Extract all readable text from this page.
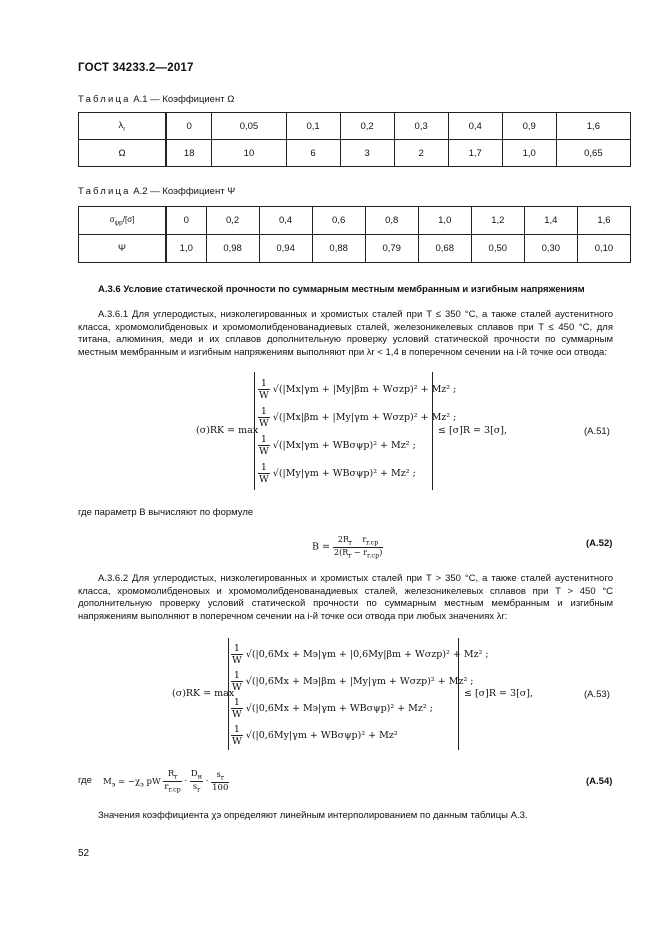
ГОСТ 34233.2—2017
Таблица А.1 — Коэффициент Ω
$\lambda_r$	0	0,05	0,1	0,2	0,3	0,4	0,9	1,6
Ω	18	10	6	3	2	1,7	1,0	0,65
Таблица А.2 — Коэффициент Ψ
$\sigma_{\psi p}/[\sigma]$	0	0,2	0,4	0,6	0,8	1,0	1,2	1,4	1,6
Ψ	1,0	0,98	0,94	0,88	0,79	0,68	0,50	0,30	0,10
А.3.6 Условие статической прочности по суммарным местным мембранным и изгибным напряжениям
А.3.6.1 Для углеродистых, низколегированных и хромистых сталей при T ≤ 350 °С, а также сталей аустенитного класса, хромомолибденовых и хромомолибденованадиевых сталей, железоникелевых сплавов при T ≤ 450 °С, для титана, алюминия, меди и их сплавов дополнительную проверку условий статической прочности по суммарным местным мембранным и изгибным напряжениям выполняют при λr < 1,4 в поперечном сечении на i-й точке оси отвода:
(σ)RK = max
$\frac{1}{W} √(|Mx|\gamma m + |My|\beta m + W\sigma zp)^2 + Mz^2$ ;
$\frac{1}{W} √(|Mx|\beta m + |My|\gamma m + W\sigma zp)^2 + Mz^2$ ;
$\frac{1}{W} √(|Mx|\gamma m + WB\sigma\psi p)^2 + Mz^2$ ;
$\frac{1}{W} √(|My|\gamma m + WB\sigma\psi p)^2 + Mz^2$ ;
≤ [σ]R = 3[σ],	(А.51)
где параметр B вычисляют по формуле
$B = \frac{2R_r r_{r.cp}}{2(R_r - r_{r.cp})}$	(А.52)
А.3.6.2 Для углеродистых, низколегированных и хромистых сталей при T > 350 °С, а также сталей аустенитного класса, хромомолибденовых и хромомолибденованадиевых сталей, железоникелевых сплавов при T > 450 °С дополнительную проверку условий статической прочности по суммарным местным мембранным и изгибным напряжениям выполняют в поперечном сечении на i-й точке оси отвода при любых значениях λr:
(σ)RK = max
$\frac{1}{W} √(|0,6Mx + Mэ|\gamma m + |0,6My|\beta m + W\sigma zp)^2 + Mz^2$ ;
$\frac{1}{W} √(|0,6Mx + Mэ|\beta m + |My|\gamma m + W\sigma zp)^2 + Mz^2$ ;
$\frac{1}{W} √(|0,6Mx + Mэ|\gamma m + WB\sigma\psi p)^2 + Mz^2$ ;
$\frac{1}{W} √(|0,6My|\gamma m + WB\sigma\psi p)^2 + Mz^2$
≤ [σ]R = 3[σ],	(А.53)
где $M_э = -\chi_э$ pW $\frac{R_r}{r_{r.cp}} \cdot \frac{D_н}{s_r} \cdot \frac{s_r}{100}$	(А.54)
Значения коэффициента χэ определяют линейным интерполированием по данным таблицы А.3.
52
